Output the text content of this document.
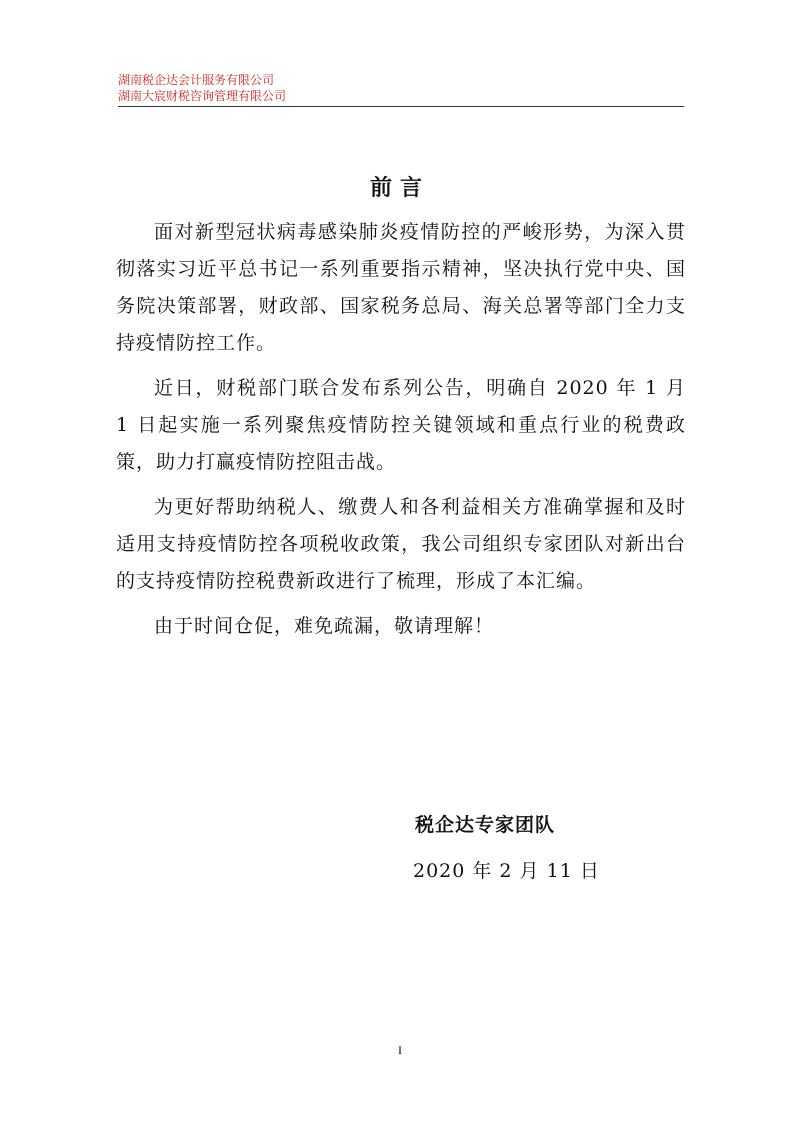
湖南税企达会计服务有限公司
湖南大宸财税咨询管理有限公司
前言

面对新型冠状病毒感染肺炎疫情防控的严峻形势，为深入贯彻落实习近平总书记一系列重要指示精神，坚决执行党中央、国务院决策部署，财政部、国家税务总局、海关总署等部门全力支持疫情防控工作。

近日，财税部门联合发布系列公告，明确自 2020 年 1 月 1 日起实施一系列聚焦疫情防控关键领域和重点行业的税费政策，助力打赢疫情防控阻击战。

为更好帮助纳税人、缴费人和各利益相关方准确掌握和及时适用支持疫情防控各项税收政策，我公司组织专家团队对新出台的支持疫情防控税费新政进行了梳理，形成了本汇编。

由于时间仓促，难免疏漏，敬请理解！

税企达专家团队
2020 年 2 月 11 日
I
